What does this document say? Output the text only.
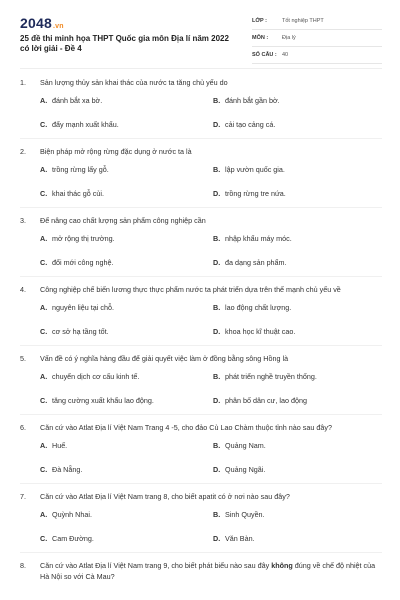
2048.vn
25 đề thi minh họa THPT Quốc gia môn Địa lí năm 2022 có lời giải - Đề 4
LỚP :	Tốt nghiệp THPT
MÔN :	Địa lý
SỐ CÂU : 40
1.	Sản lượng thủy sản khai thác của nước ta tăng chủ yếu do
A. đánh bắt xa bờ.	B. đánh bắt gần bờ.
C. đẩy mạnh xuất khẩu.	D. cải tạo cảng cá.
2.	Biện pháp mở rộng rừng đặc dụng ở nước ta là
A. trồng rừng lấy gỗ.	B. lập vườn quốc gia.
C. khai thác gỗ củi.	D. trồng rừng tre nứa.
3.	Để nâng cao chất lượng sản phẩm công nghiệp cần
A. mở rộng thị trường.	B. nhập khẩu máy móc.
C. đổi mới công nghệ.	D. đa dạng sản phẩm.
4.	Công nghiệp chế biến lương thực thực phẩm nước ta phát triển dựa trên thế mạnh chủ yếu về
A. nguyên liệu tại chỗ.	B. lao động chất lượng.
C. cơ sở hạ tầng tốt.	D. khoa học kĩ thuật cao.
5.	Vấn đề có ý nghĩa hàng đầu để giải quyết việc làm ở đồng bằng sông Hồng là
A. chuyển dịch cơ cấu kinh tế.	B. phát triển nghề truyền thống.
C. tăng cường xuất khẩu lao động.	D. phân bố dân cư, lao động
6.	Căn cứ vào Atlat Địa lí Việt Nam Trang 4 -5, cho đảo Cù Lao Chàm thuộc tỉnh nào sau đây?
A. Huế.	B. Quảng Nam.
C. Đà Nẵng.	D. Quảng Ngãi.
7.	Căn cứ vào Atlat Địa lí Việt Nam trang 8, cho biết apatit có ở nơi nào sau đây?
A. Quỳnh Nhai.	B. Sinh Quyền.
C. Cam Đường.	D. Văn Bàn.
8.	Căn cứ vào Atlat Địa lí Việt Nam trang 9, cho biết phát biểu nào sau đây không đúng về chế độ nhiệt của Hà Nội so với Cà Mau?
